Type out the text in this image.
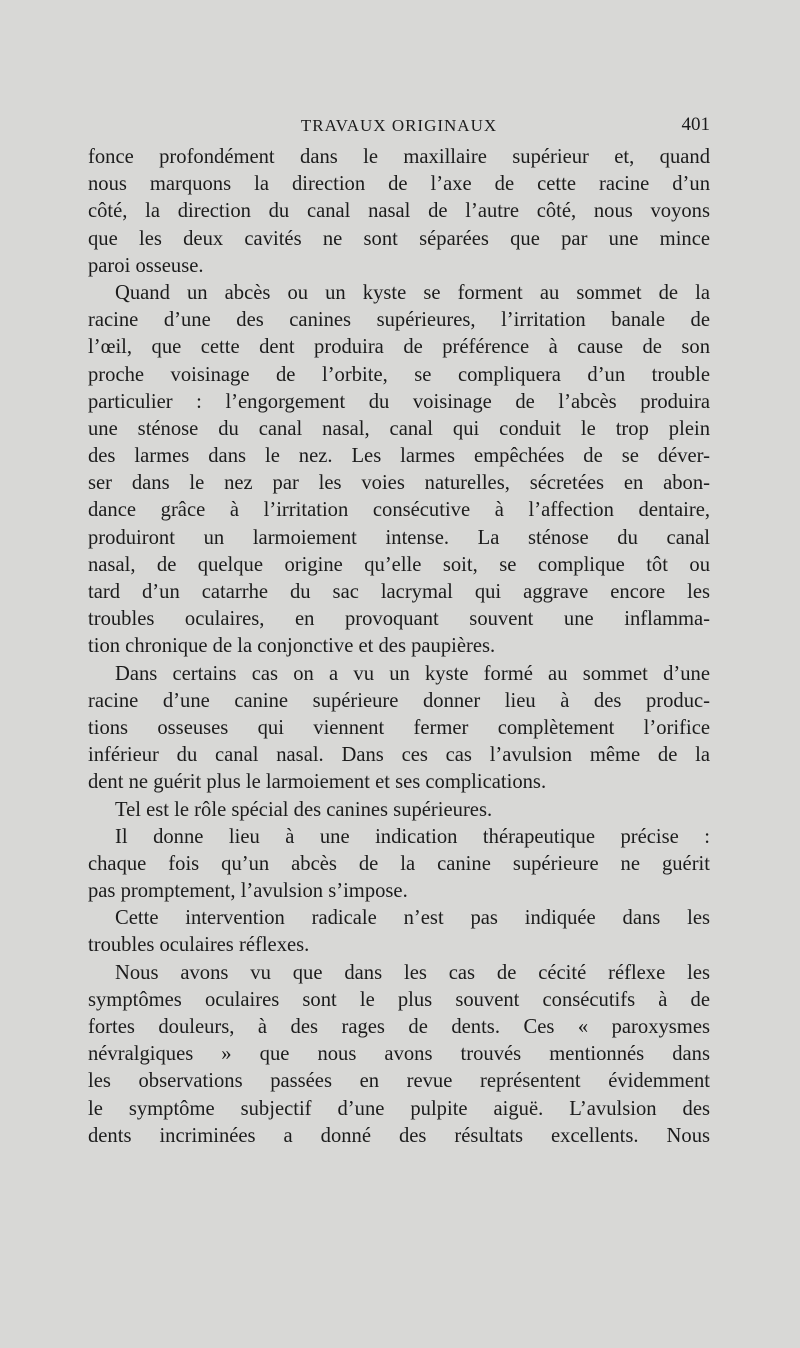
TRAVAUX ORIGINAUX	401
fonce profondément dans le maxillaire supérieur et, quand
nous marquons la direction de l’axe de cette racine d’un
côté, la direction du canal nasal de l’autre côté, nous voyons
que les deux cavités ne sont séparées que par une mince
paroi osseuse.
Quand un abcès ou un kyste se forment au sommet de la
racine d’une des canines supérieures, l’irritation banale de
l’œil, que cette dent produira de préférence à cause de son
proche voisinage de l’orbite, se compliquera d’un trouble
particulier : l’engorgement du voisinage de l’abcès produira
une sténose du canal nasal, canal qui conduit le trop plein
des larmes dans le nez. Les larmes empêchées de se déver-
ser dans le nez par les voies naturelles, sécretées en abon-
dance grâce à l’irritation consécutive à l’affection dentaire,
produiront un larmoiement intense. La sténose du canal
nasal, de quelque origine qu’elle soit, se complique tôt ou
tard d’un catarrhe du sac lacrymal qui aggrave encore les
troubles oculaires, en provoquant souvent une inflamma-
tion chronique de la conjonctive et des paupières.
Dans certains cas on a vu un kyste formé au sommet d’une
racine d’une canine supérieure donner lieu à des produc-
tions osseuses qui viennent fermer complètement l’orifice
inférieur du canal nasal. Dans ces cas l’avulsion même de la
dent ne guérit plus le larmoiement et ses complications.
Tel est le rôle spécial des canines supérieures.
Il donne lieu à une indication thérapeutique précise :
chaque fois qu’un abcès de la canine supérieure ne guérit
pas promptement, l’avulsion s’impose.
Cette intervention radicale n’est pas indiquée dans les
troubles oculaires réflexes.
Nous avons vu que dans les cas de cécité réflexe les
symptômes oculaires sont le plus souvent consécutifs à de
fortes douleurs, à des rages de dents. Ces « paroxysmes
névralgiques » que nous avons trouvés mentionnés dans
les observations passées en revue représentent évidemment
le symptôme subjectif d’une pulpite aiguë. L’avulsion des
dents incriminées a donné des résultats excellents. Nous
